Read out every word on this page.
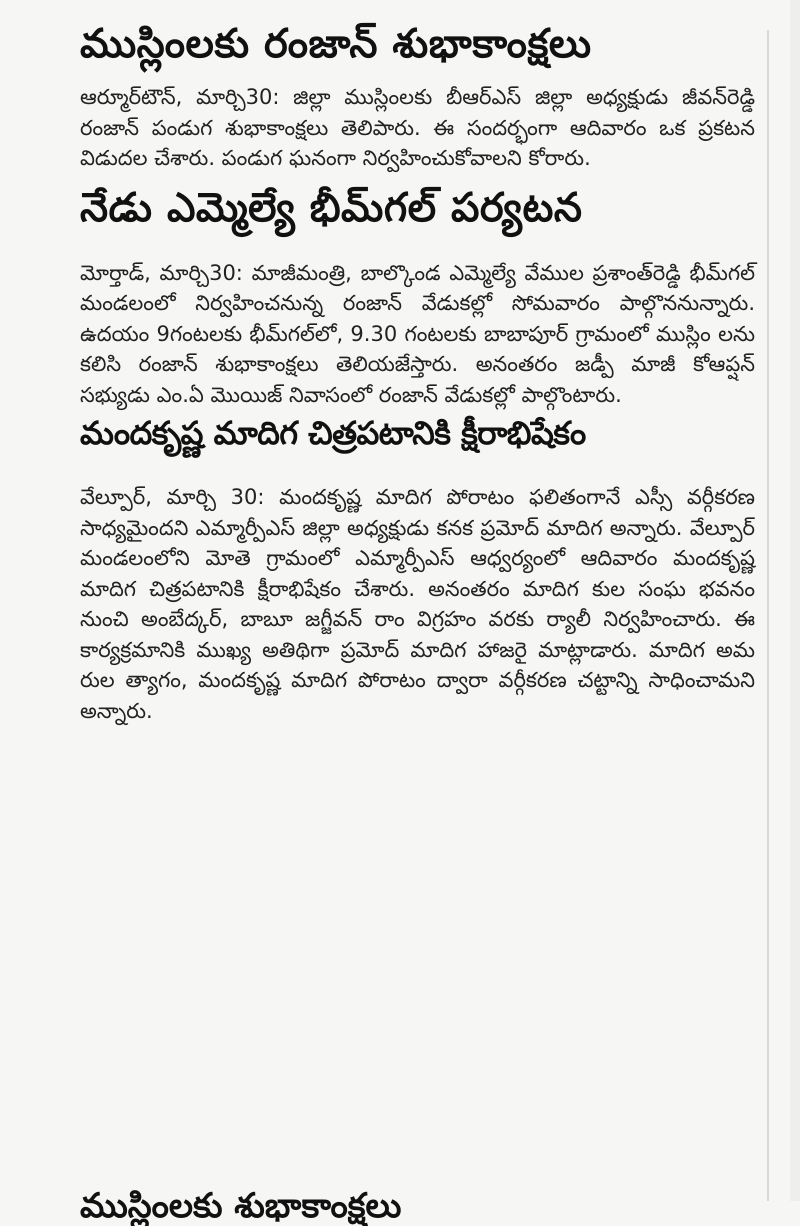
ముస్లింలకు రంజాన్ శుభాకాంక్షలు

ఆర్మూర్‌టౌన్, మార్చి30: జిల్లా ముస్లింలకు బీఆర్ఎస్ జిల్లా అధ్యక్షుడు జీవన్‌రెడ్డి రంజాన్ పండుగ శుభాకాంక్షలు తెలిపారు. ఈ సందర్భంగా ఆదివారం ఒక ప్రకటన విడుదల చేశారు. పండుగ ఘనంగా నిర్వహించుకోవాలని కోరారు.

నేడు ఎమ్మెల్యే భీమ్‌గల్ పర్యటన

మోర్తాడ్, మార్చి30: మాజీమంత్రి, బాల్కొండ ఎమ్మెల్యే వేముల ప్రశాంత్‌రెడ్డి భీమ్‌గల్ మండలంలో నిర్వహించనున్న రంజాన్ వేడుకల్లో సోమవారం పాల్గొననున్నారు. ఉదయం 9గంటలకు భీమ్‌గల్‌లో, 9.30 గంటలకు బాబాపూర్ గ్రామంలో ముస్లిం లను కలిసి రంజాన్ శుభాకాంక్షలు తెలియజేస్తారు. అనంతరం జడ్పీ మాజీ కోఆప్షన్ సభ్యుడు ఎం.ఏ మొయిజ్ నివాసంలో రంజాన్ వేడుకల్లో పాల్గొంటారు.

మందకృష్ణ మాదిగ చిత్రపటానికి క్షీరాభిషేకం

వేల్పూర్, మార్చి 30: మందకృష్ణ మాదిగ పోరాటం ఫలితంగానే ఎస్సీ వర్గీకరణ సాధ్యమైందని ఎమ్మార్పీఎస్ జిల్లా అధ్యక్షుడు కనక ప్రమోద్ మాదిగ అన్నారు. వేల్పూర్ మండలంలోని మోతె గ్రామంలో ఎమ్మార్పీఎస్ ఆధ్వర్యంలో ఆదివారం మందకృష్ణ మాదిగ చిత్రపటానికి క్షీరాభిషేకం చేశారు. అనంతరం మాదిగ కుల సంఘ భవనం నుంచి అంబేద్కర్, బాబూ జగ్జీవన్ రాం విగ్రహం వరకు ర్యాలీ నిర్వహించారు. ఈ కార్యక్రమానికి ముఖ్య అతిథిగా ప్రమోద్ మాదిగ హాజరై మాట్లాడారు. మాదిగ అమ రుల త్యాగం, మందకృష్ణ మాదిగ పోరాటం ద్వారా వర్గీకరణ చట్టాన్ని సాధించామని అన్నారు.

ముస్లింలకు శుభాకాంక్షలు
